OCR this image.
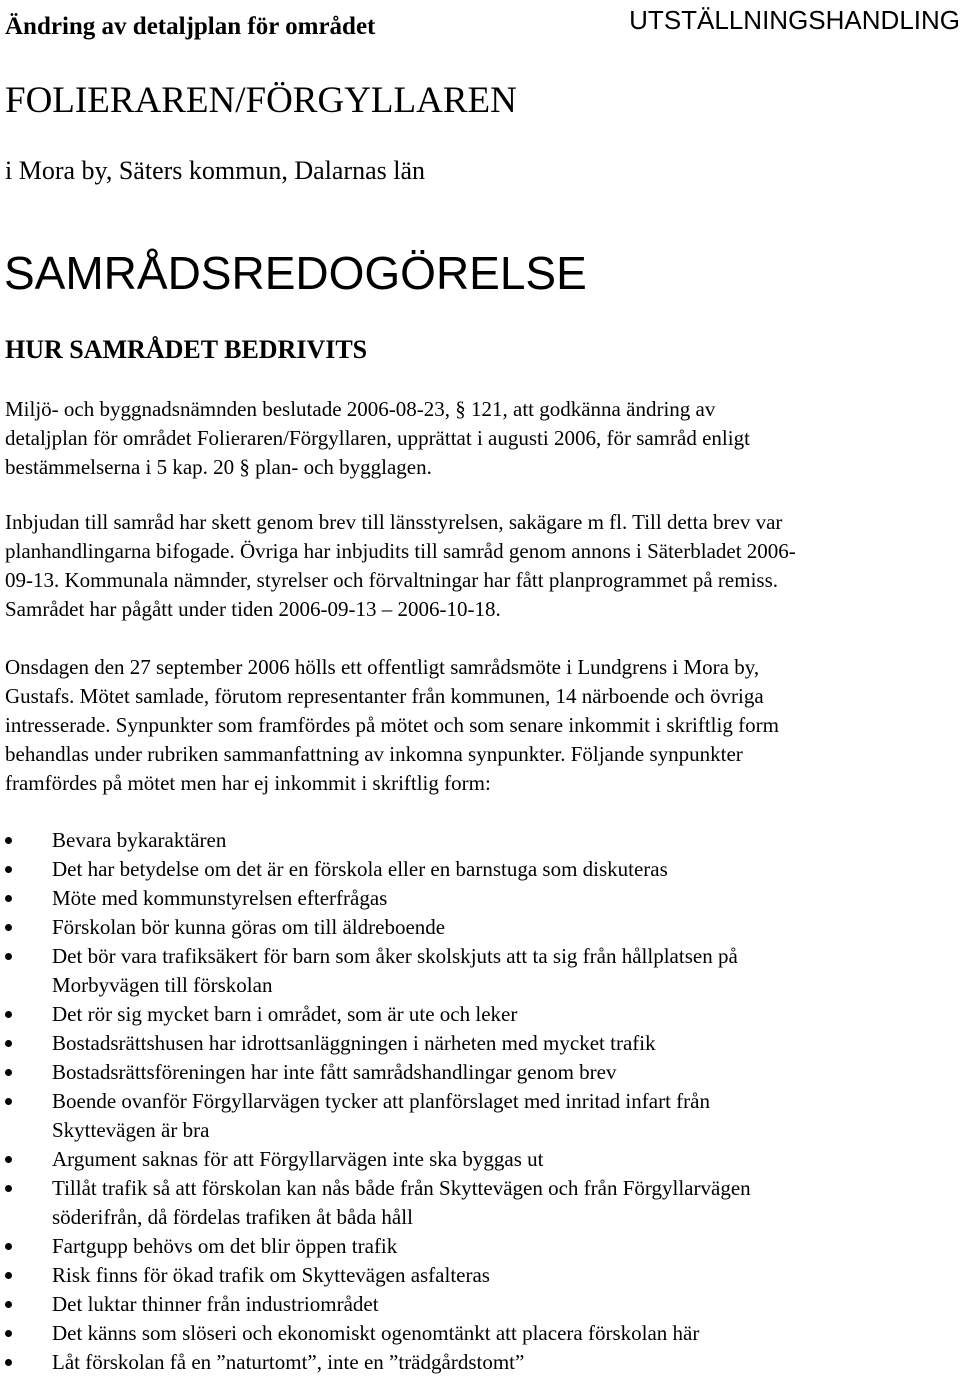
Ändring av detaljplan för området	UTSTÄLLNINGSHANDLING
FOLIERAREN/FÖRGYLLAREN
i Mora by, Säters kommun, Dalarnas län
SAMRÅDSREDOGÖRELSE
HUR SAMRÅDET BEDRIVITS

Miljö- och byggnadsnämnden beslutade 2006-08-23, § 121, att godkänna ändring av
detaljplan för området Folieraren/Förgyllaren, upprättat i augusti 2006, för samråd enligt
bestämmelserna i 5 kap. 20 § plan- och bygglagen.

Inbjudan till samråd har skett genom brev till länsstyrelsen, sakägare m fl. Till detta brev var
planhandlingarna bifogade. Övriga har inbjudits till samråd genom annons i Säterbladet 2006-
09-13. Kommunala nämnder, styrelser och förvaltningar har fått planprogrammet på remiss.
Samrådet har pågått under tiden 2006-09-13 – 2006-10-18.

Onsdagen den 27 september 2006 hölls ett offentligt samrådsmöte i Lundgrens i Mora by,
Gustafs. Mötet samlade, förutom representanter från kommunen, 14 närboende och övriga
intresserade. Synpunkter som framfördes på mötet och som senare inkommit i skriftlig form
behandlas under rubriken sammanfattning av inkomna synpunkter. Följande synpunkter
framfördes på mötet men har ej inkommit i skriftlig form:

Bevara bykaraktären
Det har betydelse om det är en förskola eller en barnstuga som diskuteras
Möte med kommunstyrelsen efterfrågas
Förskolan bör kunna göras om till äldreboende
Det bör vara trafiksäkert för barn som åker skolskjuts att ta sig från hållplatsen på
Morbyvägen till förskolan
Det rör sig mycket barn i området, som är ute och leker
Bostadsrättshusen har idrottsanläggningen i närheten med mycket trafik
Bostadsrättsföreningen har inte fått samrådshandlingar genom brev
Boende ovanför Förgyllarvägen tycker att planförslaget med inritad infart från
Skyttevägen är bra
Argument saknas för att Förgyllarvägen inte ska byggas ut
Tillåt trafik så att förskolan kan nås både från Skyttevägen och från Förgyllarvägen
söderifrån, då fördelas trafiken åt båda håll
Fartgupp behövs om det blir öppen trafik
Risk finns för ökad trafik om Skyttevägen asfalteras
Det luktar thinner från industriområdet
Det känns som slöseri och ekonomiskt ogenomtänkt att placera förskolan här
Låt förskolan få en ”naturtomt”, inte en ”trädgårdstomt”
